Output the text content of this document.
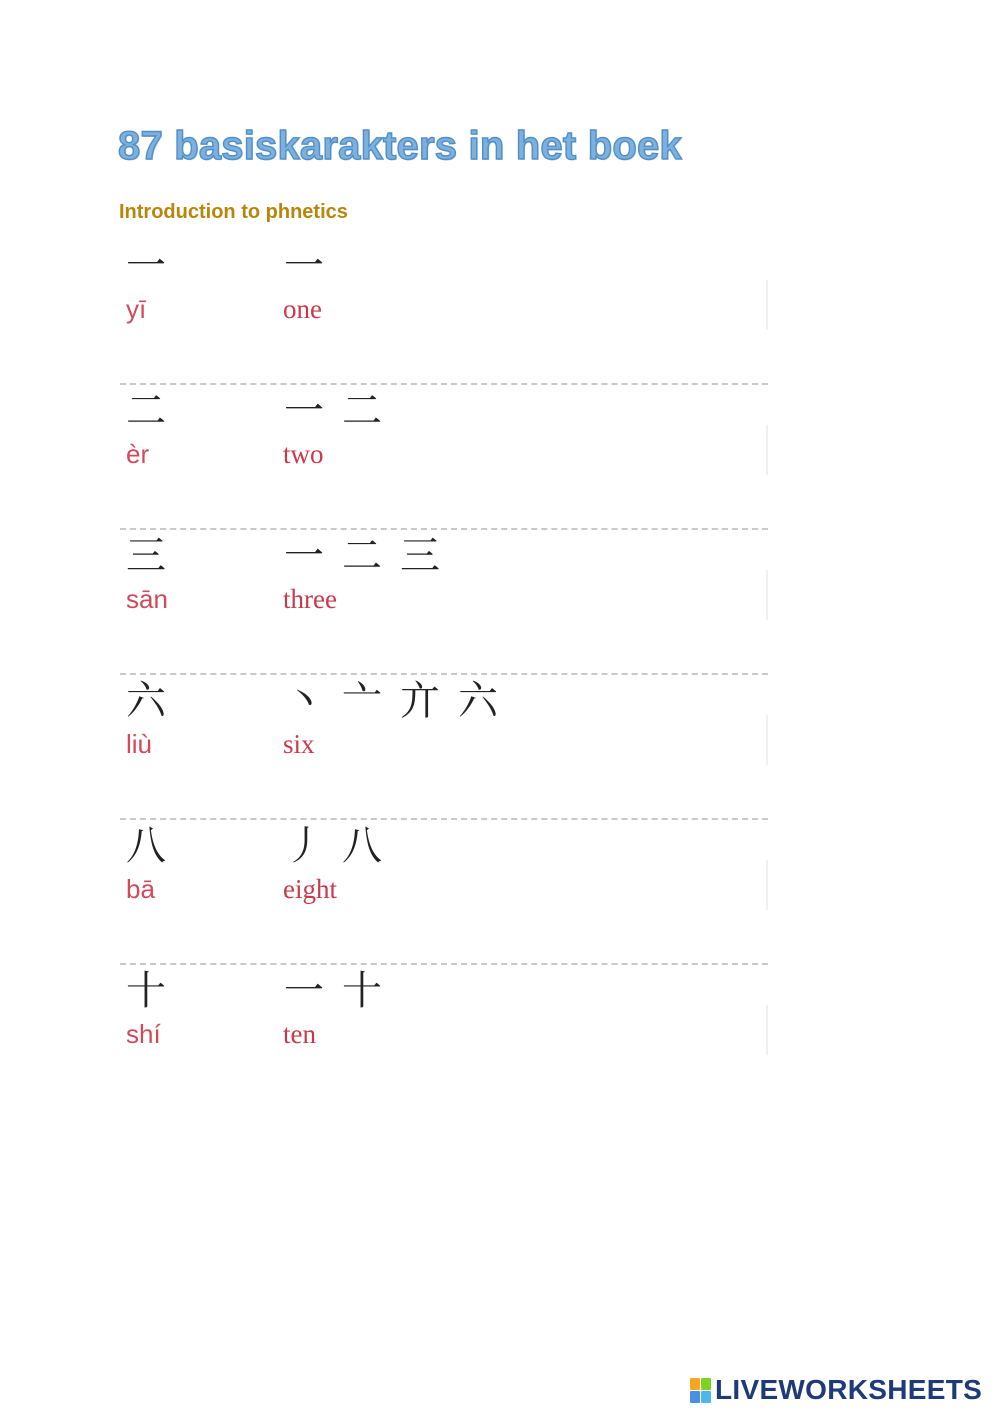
87 basiskarakters in het boek
Introduction to phnetics
一	一
yī	one
二	一 二
èr	two
三	一 二 三
sān	three
六	丶 亠 亣 六
liù	six
八	丿 八
bā	eight
十	一 十
shí	ten
LIVEWORKSHEETS
